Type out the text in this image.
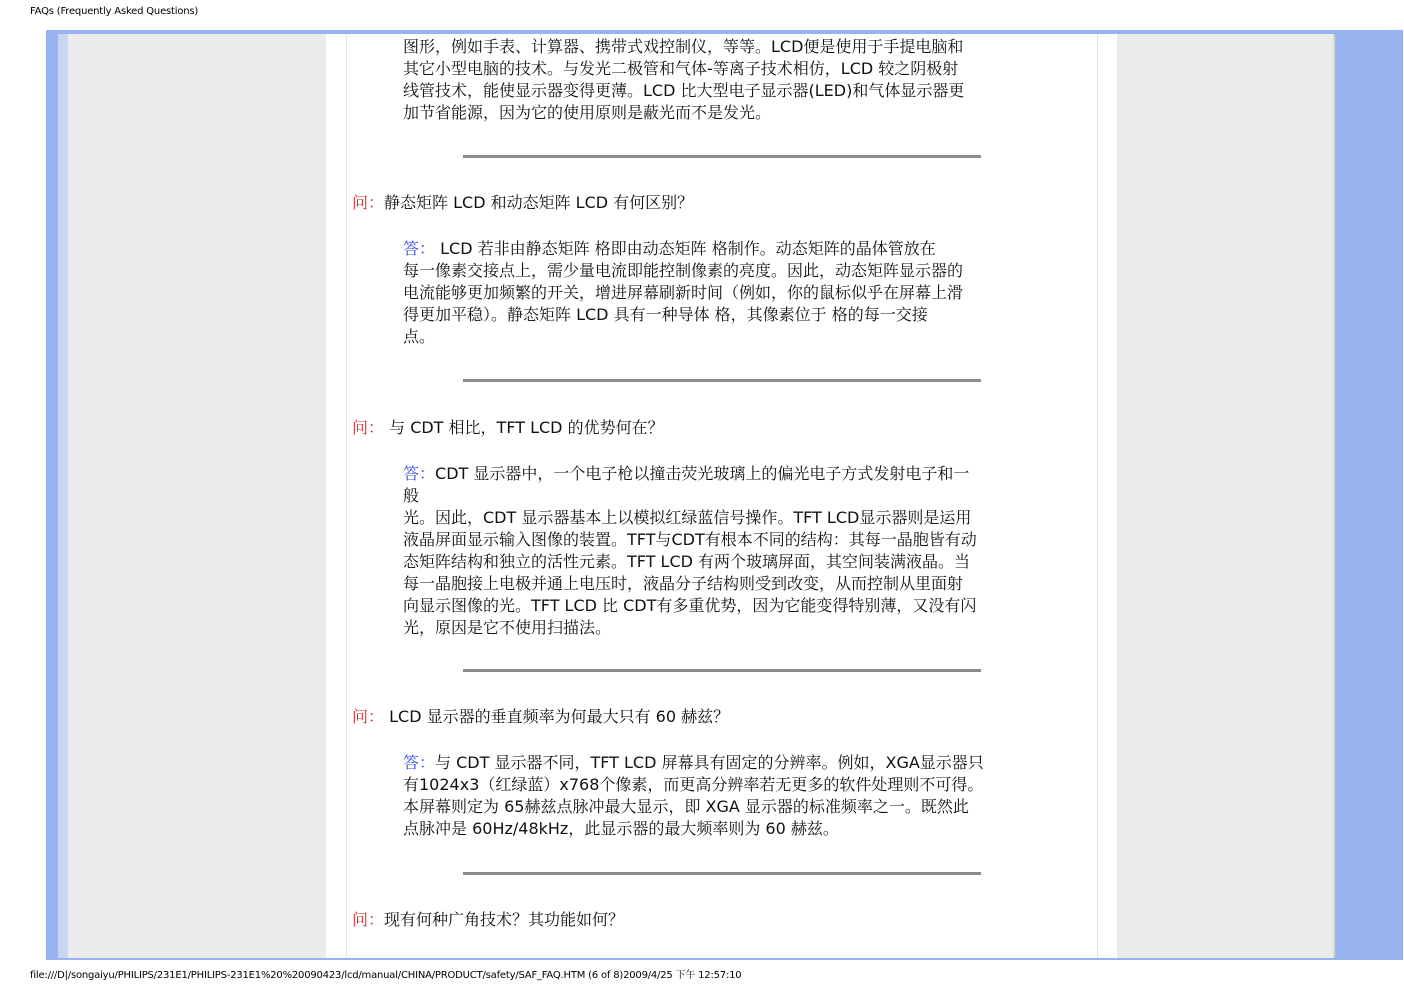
FAQs (Frequently Asked Questions)
图形，例如手表、计算器、携带式戏控制仪，等等。LCD便是使用于手提电脑和
其它小型电脑的技术。与发光二极管和气体-等离子技术相仿，LCD 较之阴极射
线管技术，能使显示器变得更薄。LCD 比大型电子显示器(LED)和气体显示器更
加节省能源，因为它的使用原则是蔽光而不是发光。
问：静态矩阵 LCD 和动态矩阵 LCD 有何区别？
答： LCD 若非由静态矩阵 格即由动态矩阵 格制作。动态矩阵的晶体管放在
每一像素交接点上，需少量电流即能控制像素的亮度。因此，动态矩阵显示器的
电流能够更加频繁的开关，增进屏幕刷新时间（例如，你的鼠标似乎在屏幕上滑
得更加平稳）。静态矩阵 LCD 具有一种导体 格，其像素位于 格的每一交接
点。
问： 与 CDT 相比，TFT LCD 的优势何在？
答：CDT 显示器中，一个电子枪以撞击荧光玻璃上的偏光电子方式发射电子和一
般
光。因此，CDT 显示器基本上以模拟红绿蓝信号操作。TFT LCD显示器则是运用
液晶屏面显示输入图像的装置。TFT与CDT有根本不同的结构：其每一晶胞皆有动
态矩阵结构和独立的活性元素。TFT LCD 有两个玻璃屏面，其空间装满液晶。当
每一晶胞接上电极并通上电压时，液晶分子结构则受到改变，从而控制从里面射
向显示图像的光。TFT LCD 比 CDT有多重优势，因为它能变得特别薄，又没有闪
光，原因是它不使用扫描法。
问： LCD 显示器的垂直频率为何最大只有 60 赫兹？
答：与 CDT 显示器不同，TFT LCD 屏幕具有固定的分辨率。例如，XGA显示器只
有1024x3（红绿蓝）x768个像素，而更高分辨率若无更多的软件处理则不可得。
本屏幕则定为 65赫兹点脉冲最大显示，即 XGA 显示器的标准频率之一。既然此
点脉冲是 60Hz/48kHz，此显示器的最大频率则为 60 赫兹。
问：现有何种广角技术？其功能如何？
file:///D|/songaiyu/PHILIPS/231E1/PHILIPS-231E1%20%20090423/lcd/manual/CHINA/PRODUCT/safety/SAF_FAQ.HTM (6 of 8)2009/4/25 下午 12:57:10
